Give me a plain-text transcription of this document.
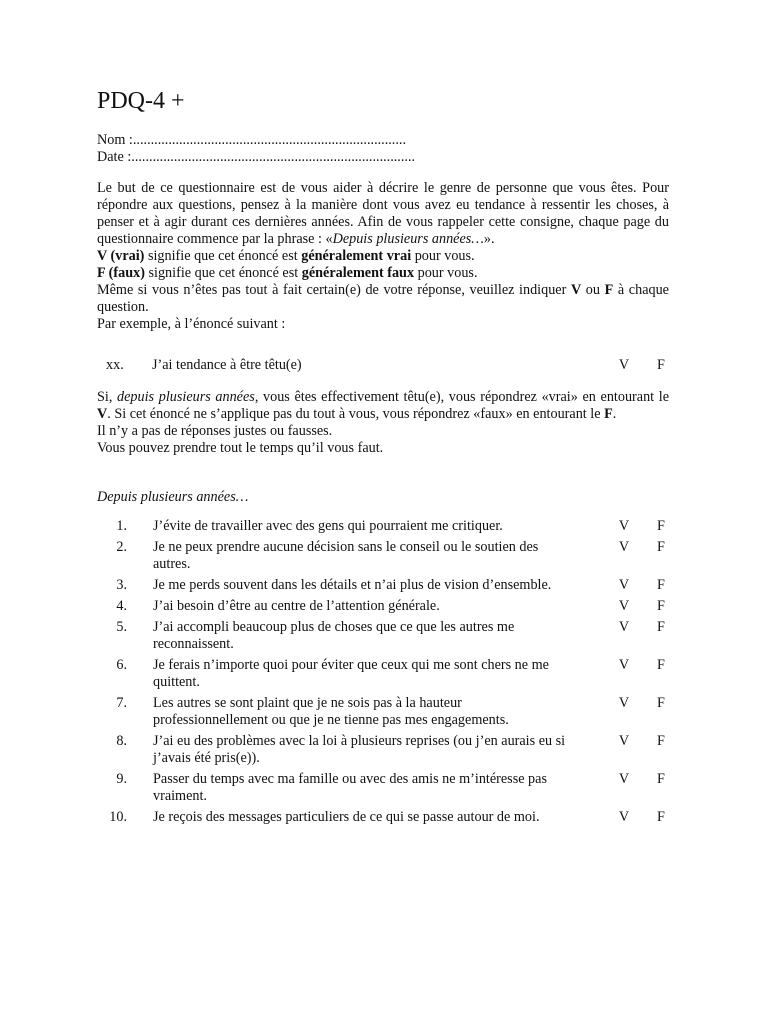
PDQ-4 +
Nom : .............................................................................
Date : ................................................................................

Le but de ce questionnaire est de vous aider à décrire le genre de personne que vous êtes. Pour répondre aux questions, pensez à la manière dont vous avez eu tendance à ressentir les choses, à penser et à agir durant ces dernières années. Afin de vous rappeler cette consigne, chaque page du questionnaire commence par la phrase : «Depuis plusieurs années…».

V (vrai) signifie que cet énoncé est généralement vrai pour vous.

F (faux) signifie que cet énoncé est généralement faux pour vous.

Même si vous n’êtes pas tout à fait certain(e) de votre réponse, veuillez indiquer V ou F à chaque question.

Par exemple, à l’énoncé suivant :

xx. J’ai tendance à être têtu(e)	V F

Si, depuis plusieurs années, vous êtes effectivement têtu(e), vous répondrez «vrai» en entourant le V. Si cet énoncé ne s’applique pas du tout à vous, vous répondrez «faux» en entourant le F.

Il n’y a pas de réponses justes ou fausses.

Vous pouvez prendre tout le temps qu’il vous faut.

Depuis plusieurs années…
1. J’évite de travailler avec des gens qui pourraient me critiquer.	V F
2. Je ne peux prendre aucune décision sans le conseil ou le soutien des autres.
V F
3. Je me perds souvent dans les détails et n’ai plus de vision d’ensemble.	V F
4. J’ai besoin d’être au centre de l’attention générale.	V F
5. J’ai accompli beaucoup plus de choses que ce que les autres me reconnaissent.
V F
6. Je ferais n’importe quoi pour éviter que ceux qui me sont chers ne me quittent.
V F
7. Les autres se sont plaint que je ne sois pas à la hauteur professionnellement ou que je ne tienne pas mes engagements.
V F
8. J’ai eu des problèmes avec la loi à plusieurs reprises (ou j’en aurais eu si j’avais été pris(e)).
V F
9. Passer du temps avec ma famille ou avec des amis ne m’intéresse pas vraiment.
V F
10. Je reçois des messages particuliers de ce qui se passe autour de moi.	V F
